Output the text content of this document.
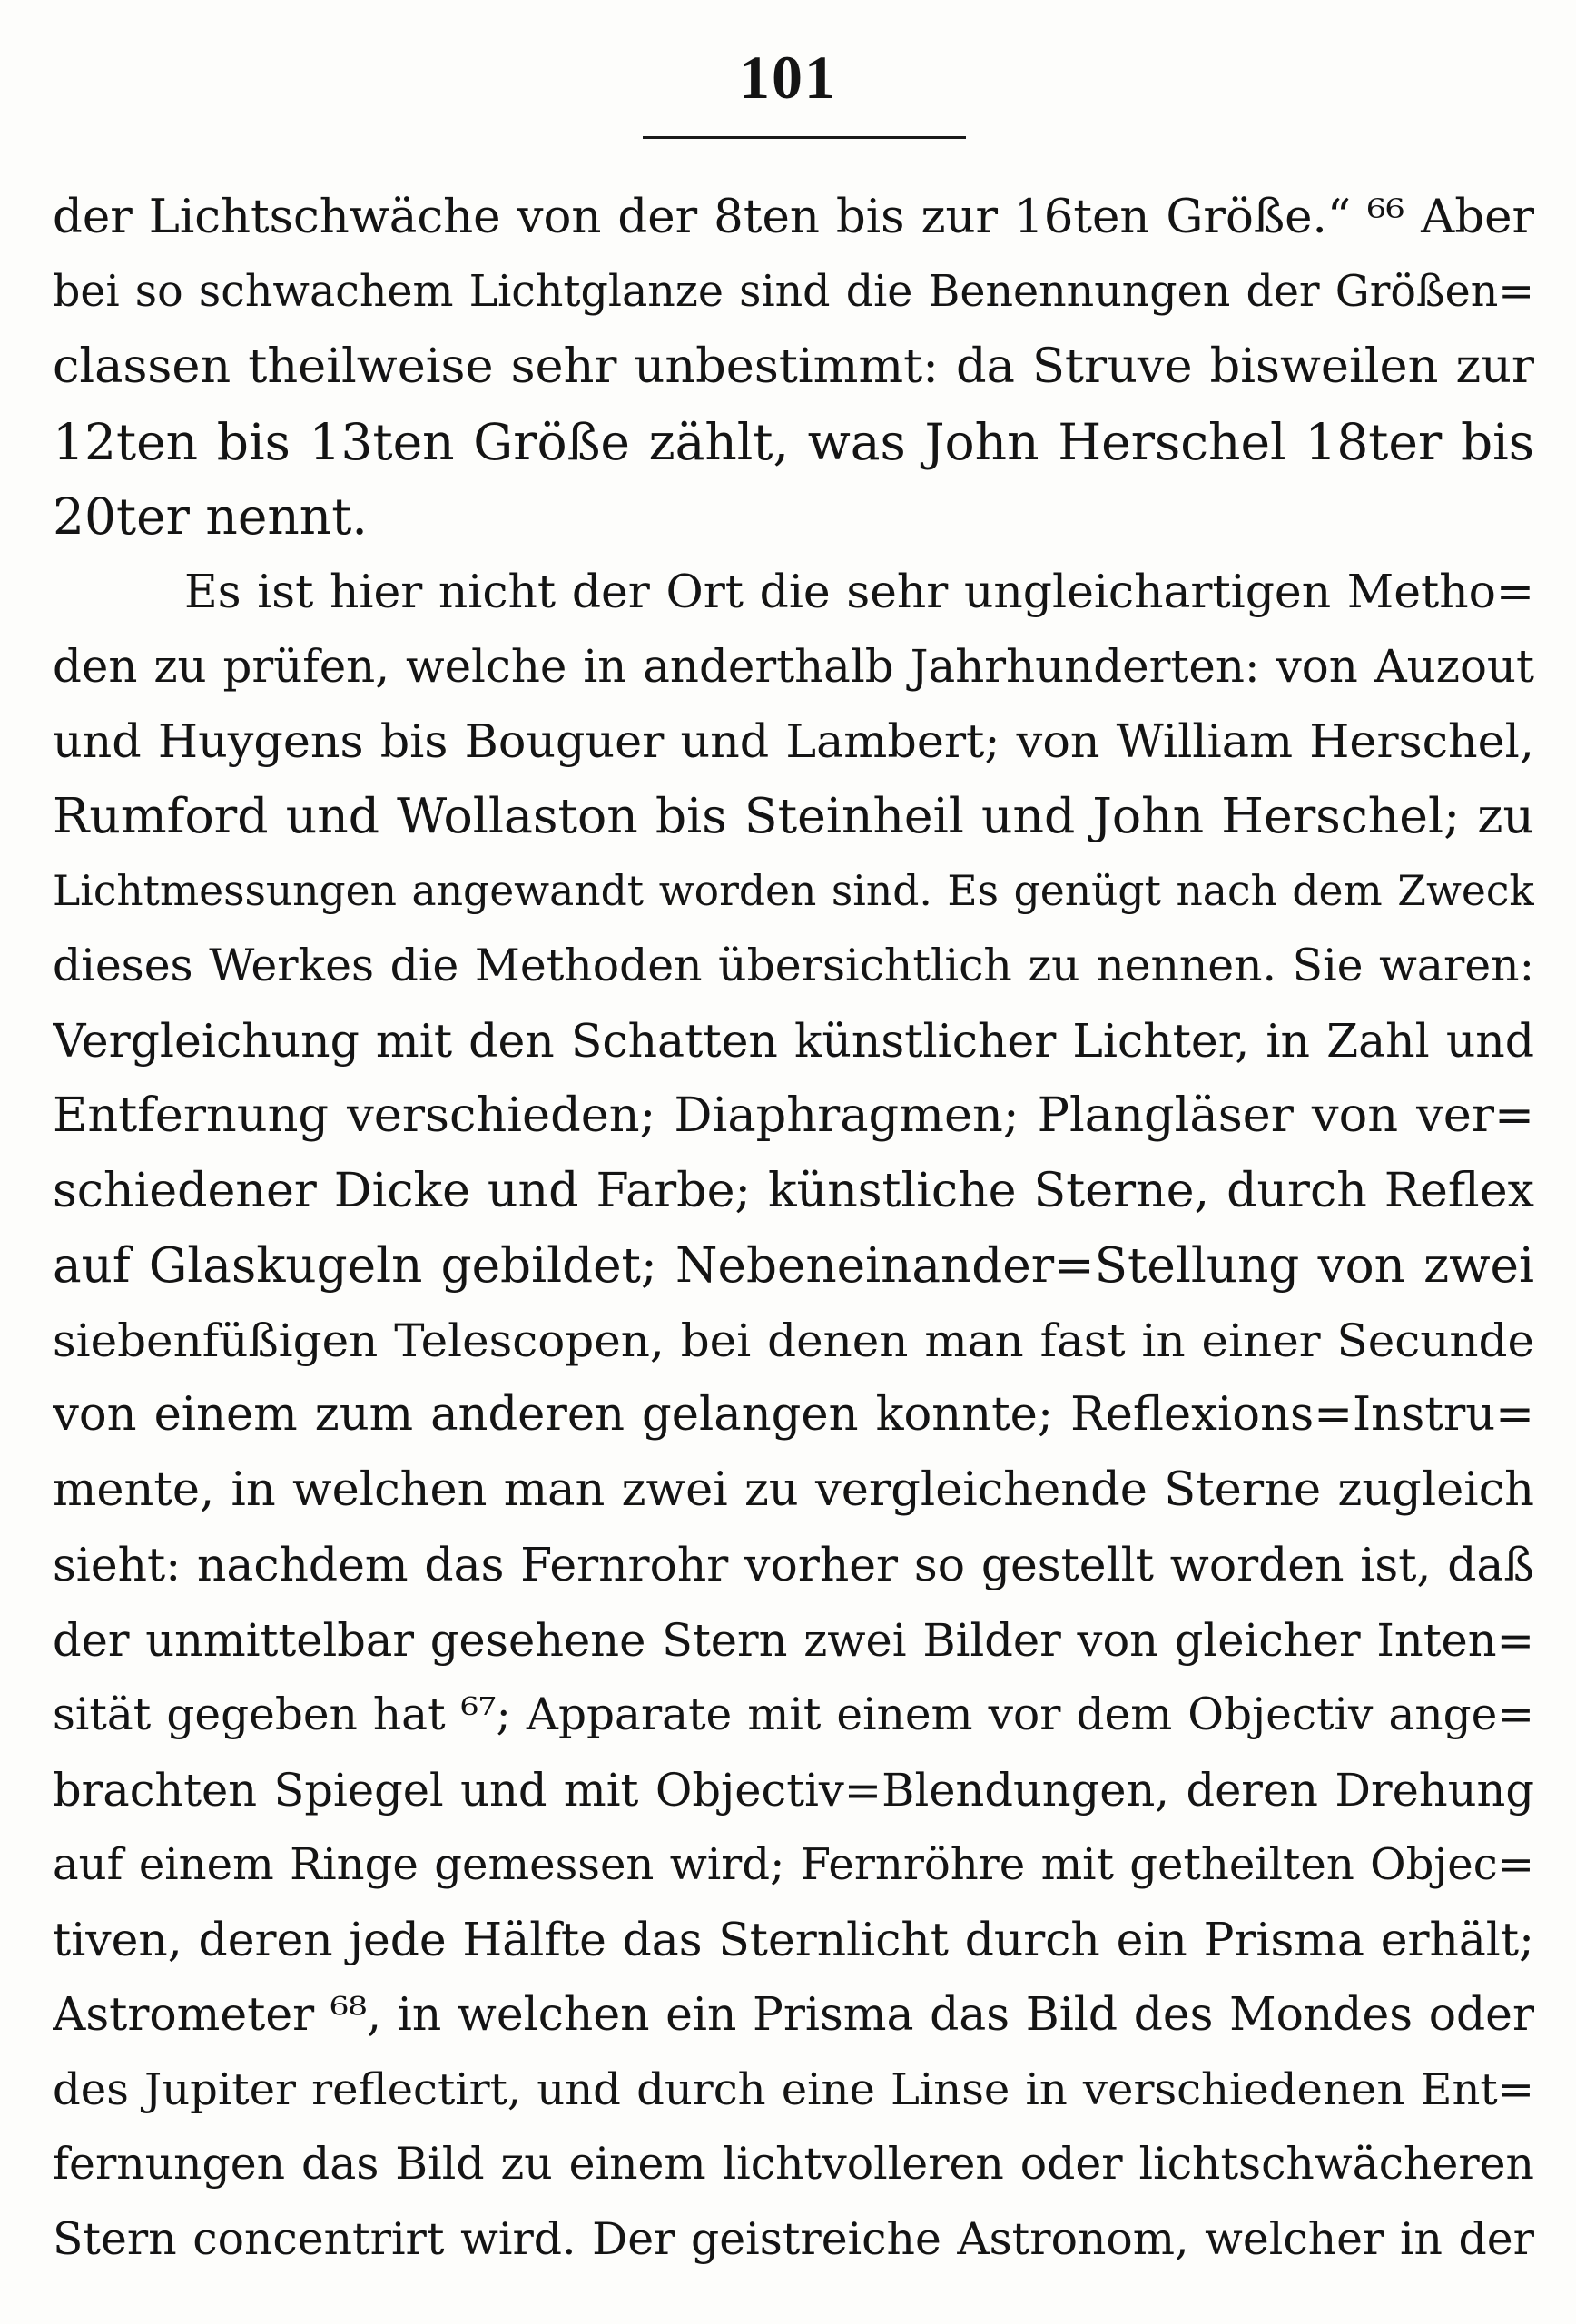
101
der Lichtschwäche von der 8ten bis zur 16ten Größe.“ ⁶⁶ Aber
bei so schwachem Lichtglanze sind die Benennungen der Größen=
classen theilweise sehr unbestimmt: da Struve bisweilen zur
12ten bis 13ten Größe zählt, was John Herschel 18ter bis
20ter nennt.
Es ist hier nicht der Ort die sehr ungleichartigen Metho=
den zu prüfen, welche in anderthalb Jahrhunderten: von Auzout
und Huygens bis Bouguer und Lambert; von William Herschel,
Rumford und Wollaston bis Steinheil und John Herschel; zu
Lichtmessungen angewandt worden sind. Es genügt nach dem Zweck
dieses Werkes die Methoden übersichtlich zu nennen. Sie waren:
Vergleichung mit den Schatten künstlicher Lichter, in Zahl und
Entfernung verschieden; Diaphragmen; Plangläser von ver=
schiedener Dicke und Farbe; künstliche Sterne, durch Reflex
auf Glaskugeln gebildet; Nebeneinander=Stellung von zwei
siebenfüßigen Telescopen, bei denen man fast in einer Secunde
von einem zum anderen gelangen konnte; Reflexions=Instru=
mente, in welchen man zwei zu vergleichende Sterne zugleich
sieht: nachdem das Fernrohr vorher so gestellt worden ist, daß
der unmittelbar gesehene Stern zwei Bilder von gleicher Inten=
sität gegeben hat ⁶⁷; Apparate mit einem vor dem Objectiv ange=
brachten Spiegel und mit Objectiv=Blendungen, deren Drehung
auf einem Ringe gemessen wird; Fernröhre mit getheilten Objec=
tiven, deren jede Hälfte das Sternlicht durch ein Prisma erhält;
Astrometer ⁶⁸, in welchen ein Prisma das Bild des Mondes oder
des Jupiter reflectirt, und durch eine Linse in verschiedenen Ent=
fernungen das Bild zu einem lichtvolleren oder lichtschwächeren
Stern concentrirt wird. Der geistreiche Astronom, welcher in der
